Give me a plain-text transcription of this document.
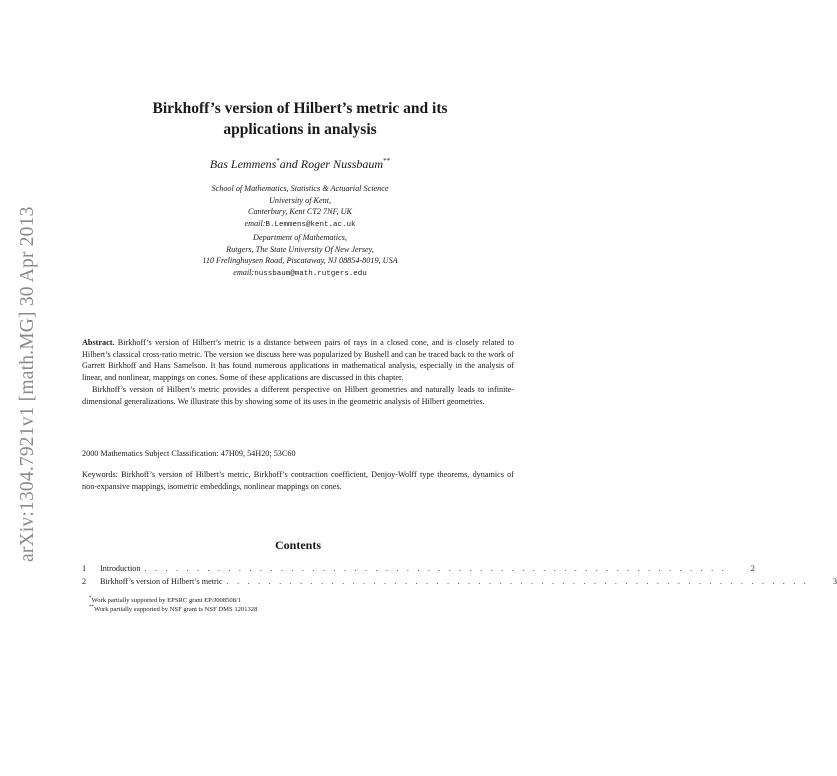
arXiv:1304.7921v1 [math.MG] 30 Apr 2013
Birkhoff’s version of Hilbert’s metric and its
applications in analysis
Bas Lemmens*and Roger Nussbaum**
School of Mathematics, Statistics & Actuarial Science
University of Kent,
Canterbury, Kent CT2 7NF, UK
email:B.Lemmens@kent.ac.uk
Department of Mathematics,
Rutgers, The State University Of New Jersey,
110 Frelinghuysen Road, Piscataway, NJ 08854-8019, USA
email:nussbaum@math.rutgers.edu

Abstract. Birkhoff’s version of Hilbert’s metric is a distance between pairs of rays in a closed cone, and is closely related to Hilbert’s classical cross-ratio metric. The version we discuss here was popularized by Bushell and can be traced back to the work of Garrett Birkhoff and Hans Samelson. It has found numerous applications in mathematical analysis, especially in the analysis of linear, and nonlinear, mappings on cones. Some of these applications are discussed in this chapter.

Birkhoff’s version of Hilbert’s metric provides a different perspective on Hilbert geometries and naturally leads to infinite-dimensional generalizations. We illustrate this by showing some of its uses in the geometric analysis of Hilbert geometries.

2000 Mathematics Subject Classification: 47H09, 54H20; 53C60
Keywords: Birkhoff’s version of Hilbert’s metric, Birkhoff’s contraction coefficient, Denjoy-Wolff type theorems, dynamics of non-expansive mappings, isometric embeddings, nonlinear mappings on cones.
Contents
1	Introduction . . . . . . . . . . . . . . . . . . . . . . . . . . . . . . . . . . . . . . . . . . . . . . . . . . . . . . . .	2
2	Birkhoff’s version of Hilbert’s metric . . . . . . . . . . . . . . . . . . . . . . . . . . . . . . . . . . . . . . . . . . . . . . . . . . . . . . . .	3
*Work partially supported by EPSRC grant EP/J008508/1
**Work partially supported by NSF grant is NSF DMS 1201328
